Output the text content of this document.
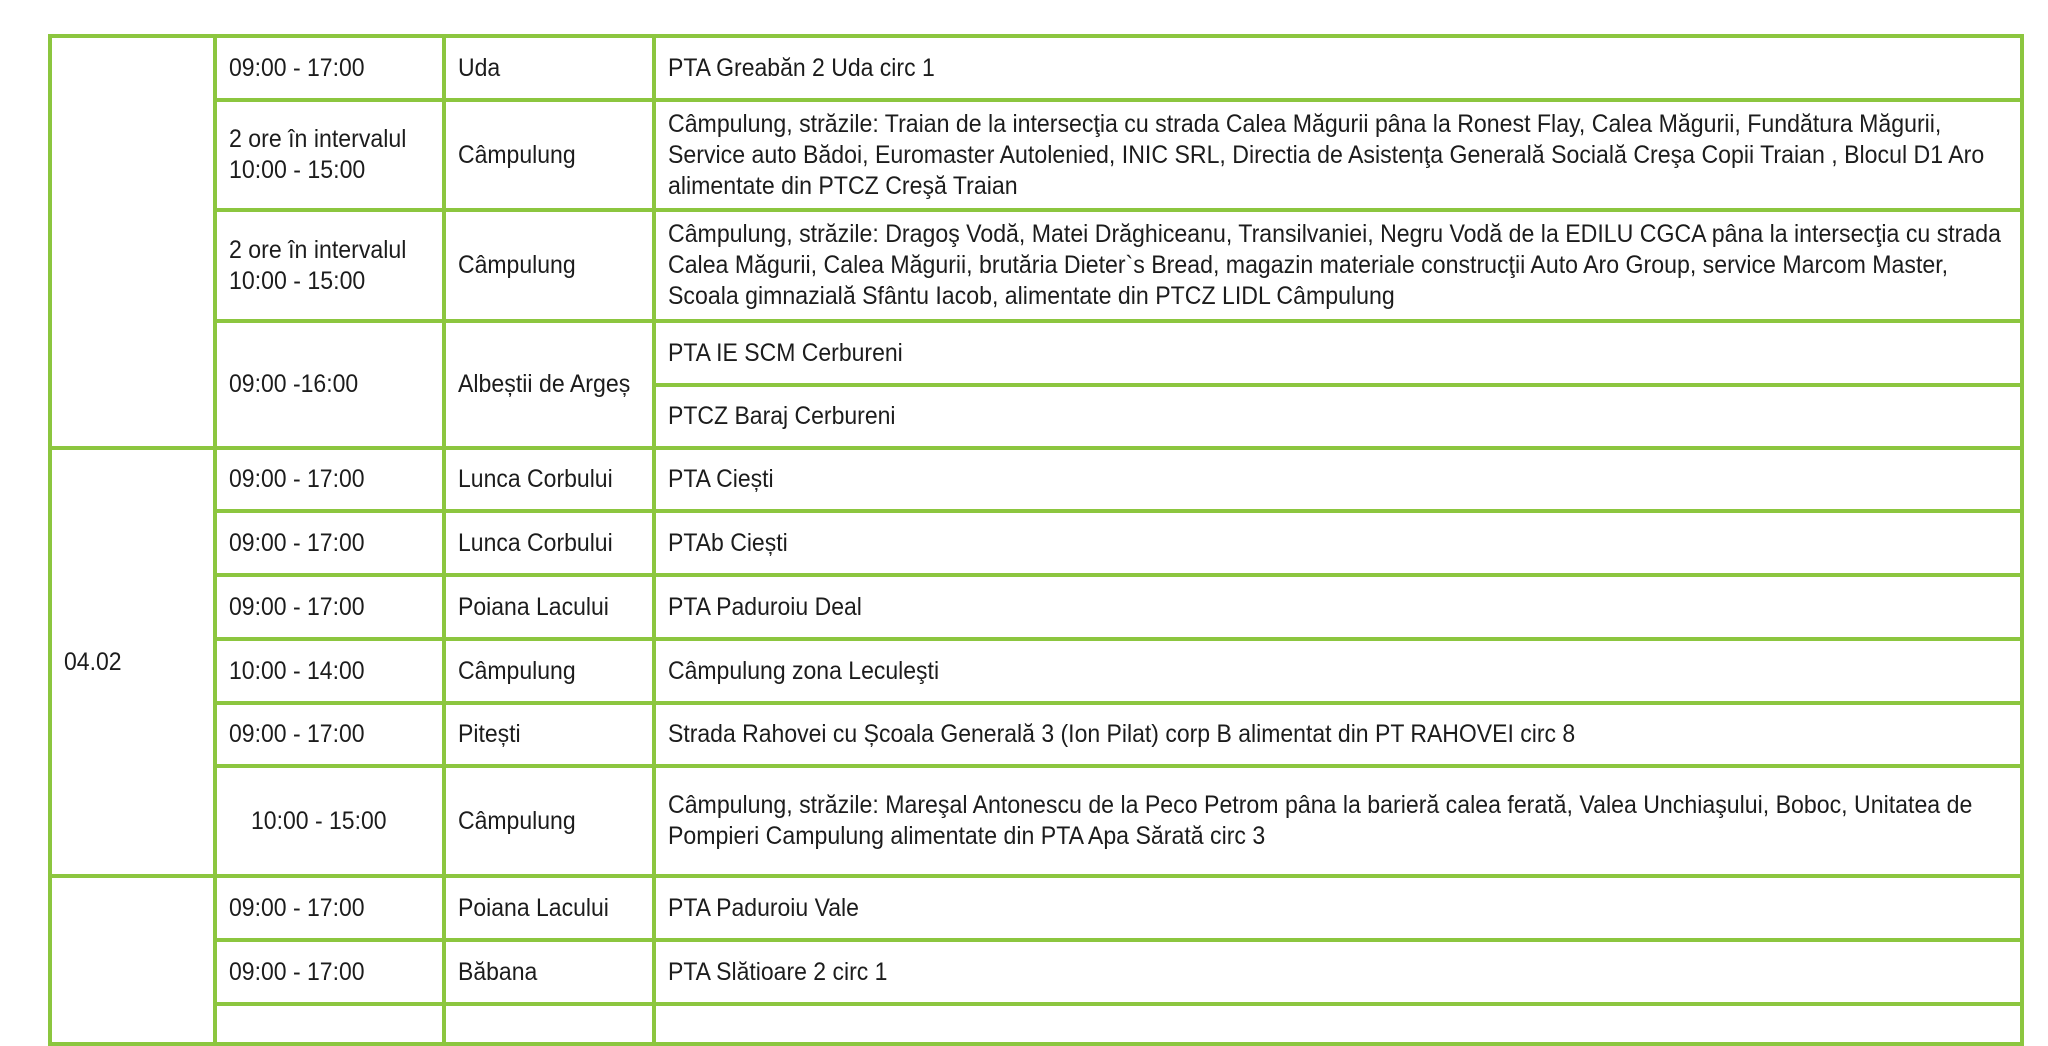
	09:00 - 17:00	Uda	PTA Greabăn 2 Uda circ 1

	2 ore în intervalul 10:00 - 15:00	Câmpulung	Câmpulung, străzile: Traian de la intersecţia cu strada Calea Măgurii pâna la Ronest Flay, Calea Măgurii, Fundătura Măgurii, Service auto Bădoi, Euromaster Autolenied, INIC SRL, Directia de Asistenţa Generală Socială Creşa Copii Traian , Blocul D1 Aro alimentate din PTCZ Creşă Traian

	2 ore în intervalul 10:00 - 15:00	Câmpulung	Câmpulung, străzile: Dragoş Vodă, Matei Drăghiceanu, Transilvaniei, Negru Vodă de la EDILU CGCA pâna la intersecţia cu strada Calea Măgurii, Calea Măgurii, brutăria Dieter`s Bread, magazin materiale construcţii Auto Aro Group, service Marcom Master, Scoala gimnazială Sfântu Iacob, alimentate din PTCZ LIDL Câmpulung

	09:00 -16:00	Albeștii de Argeș	PTA IE SCM Cerbureni
			PTCZ Baraj Cerbureni
04.02	09:00 - 17:00	Lunca Corbului	PTA Ciești
	09:00 - 17:00	Lunca Corbului	PTAb Ciești
	09:00 - 17:00	Poiana Lacului	PTA Paduroiu Deal
	10:00 - 14:00	Câmpulung	Câmpulung zona Leculeşti
	09:00 - 17:00	Pitești	Strada Rahovei cu Școala Generală 3 (Ion Pilat) corp B alimentat din PT RAHOVEI circ 8
	10:00 - 15:00	Câmpulung	Câmpulung, străzile: Mareşal Antonescu de la Peco Petrom pâna la barieră calea ferată, Valea Unchiaşului, Boboc, Unitatea de Pompieri Campulung alimentate din PTA Apa Sărată circ 3

	09:00 - 17:00	Poiana Lacului	PTA Paduroiu Vale
	09:00 - 17:00	Băbana	PTA Slătioare 2 circ 1
